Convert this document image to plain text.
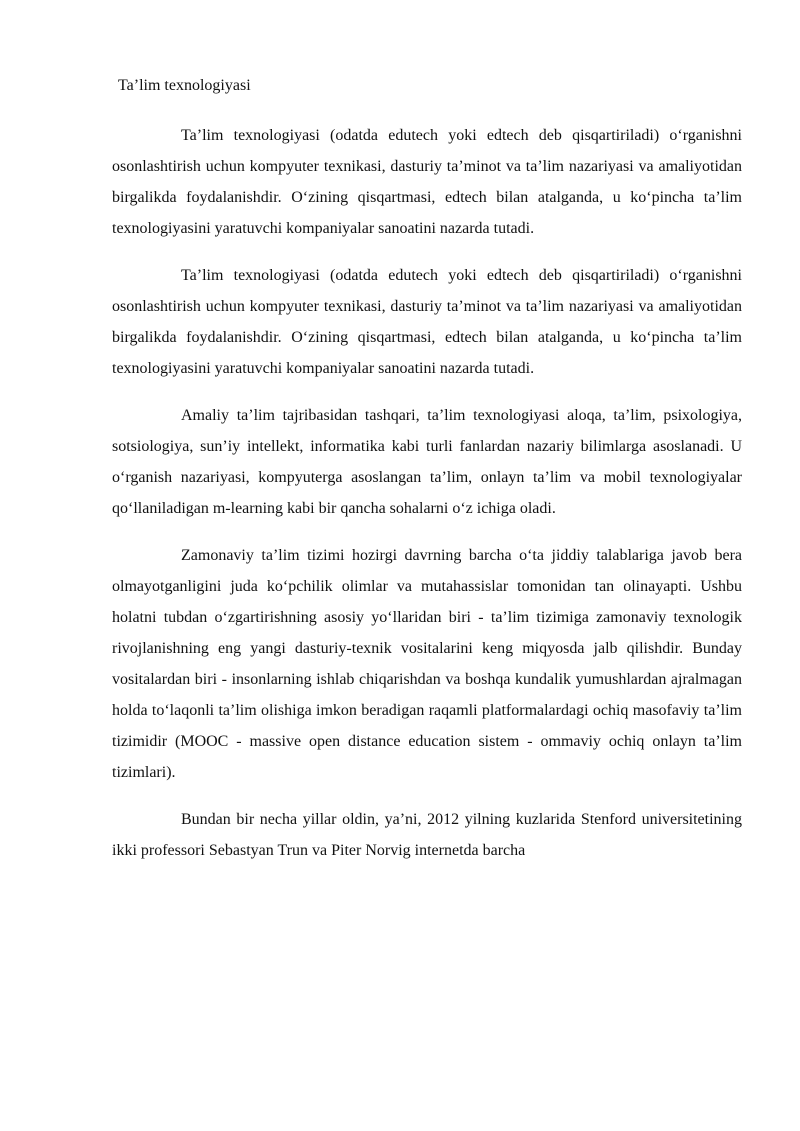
Ta’lim texnologiyasi

Ta’lim texnologiyasi (odatda edutech yoki edtech deb qisqartiriladi) o‘rganishni osonlashtirish uchun kompyuter texnikasi, dasturiy ta’minot va ta’lim nazariyasi va amaliyotidan birgalikda foydalanishdir. O‘zining qisqartmasi, edtech bilan atalganda, u ko‘pincha ta’lim texnologiyasini yaratuvchi kompaniyalar sanoatini nazarda tutadi.

Ta’lim texnologiyasi (odatda edutech yoki edtech deb qisqartiriladi) o‘rganishni osonlashtirish uchun kompyuter texnikasi, dasturiy ta’minot va ta’lim nazariyasi va amaliyotidan birgalikda foydalanishdir. O‘zining qisqartmasi, edtech bilan atalganda, u ko‘pincha ta’lim texnologiyasini yaratuvchi kompaniyalar sanoatini nazarda tutadi.

Amaliy ta’lim tajribasidan tashqari, ta’lim texnologiyasi aloqa, ta’lim, psixologiya, sotsiologiya, sun’iy intellekt, informatika kabi turli fanlardan nazariy bilimlarga asoslanadi. U o‘rganish nazariyasi, kompyuterga asoslangan ta’lim, onlayn ta’lim va mobil texnologiyalar qo‘llaniladigan m-learning kabi bir qancha sohalarni o‘z ichiga oladi.

Zamonaviy ta’lim tizimi hozirgi davrning barcha o‘ta jiddiy talablariga javob bera olmayotganligini juda ko‘pchilik olimlar va mutahassislar tomonidan tan olinayapti. Ushbu holatni tubdan o‘zgartirishning asosiy yo‘llaridan biri - ta’lim tizimiga zamonaviy texnologik rivojlanishning eng yangi dasturiy-texnik vositalarini keng miqyosda jalb qilishdir. Bunday vositalardan biri - insonlarning ishlab chiqarishdan va boshqa kundalik yumushlardan ajralmagan holda to‘laqonli ta’lim olishiga imkon beradigan raqamli platformalardagi ochiq masofaviy ta’lim tizimidir (MOOC - massive open distance education sistem - ommaviy ochiq onlayn ta’lim tizimlari).

Bundan bir necha yillar oldin, ya’ni, 2012 yilning kuzlarida Stenford universitetining ikki professori Sebastyan Trun va Piter Norvig internetda barcha
